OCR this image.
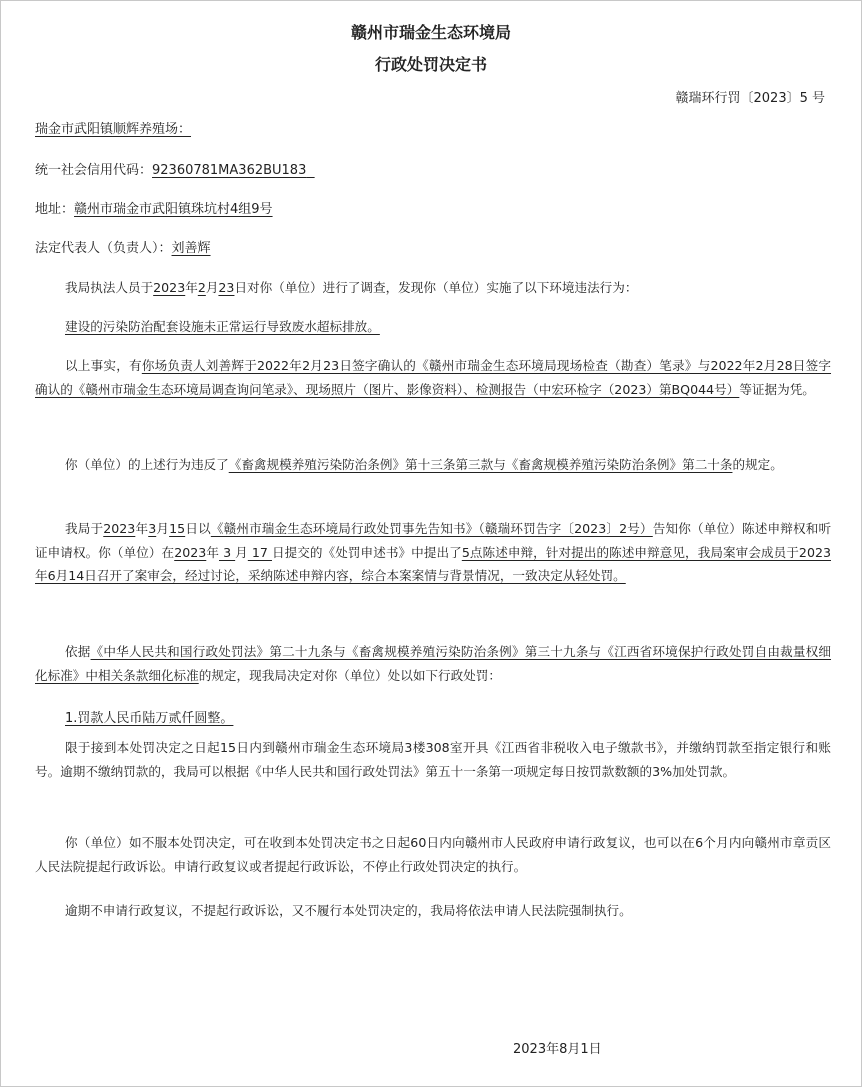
赣州市瑞金生态环境局
行政处罚决定书
赣瑞环行罚〔2023〕5 号
瑞金市武阳镇顺辉养殖场：
统一社会信用代码：92360781MA362BU183
地址：赣州市瑞金市武阳镇珠坑村4组9号
法定代表人（负责人）：刘善辉
我局执法人员于2023年2月23日对你（单位）进行了调查，发现你（单位）实施了以下环境违法行为：
建设的污染防治配套设施未正常运行导致废水超标排放。
以上事实，有你场负责人刘善辉于2022年2月23日签字确认的《赣州市瑞金生态环境局现场检查（勘查）笔录》与2022年2月28日签字确认的《赣州市瑞金生态环境局调查询问笔录》、现场照片（图片、影像资料）、检测报告（中宏环检字（2023）第BQ044号）等证据为凭。
你（单位）的上述行为违反了《畜禽规模养殖污染防治条例》第十三条第三款与《畜禽规模养殖污染防治条例》第二十条的规定。
我局于2023年3月15日以《赣州市瑞金生态环境局行政处罚事先告知书》（赣瑞环罚告字〔2023〕2号）告知你（单位）陈述申辩权和听证申请权。你（单位）在2023年 3 月 17 日提交的《处罚申述书》中提出了5点陈述申辩，针对提出的陈述申辩意见，我局案审会成员于2023年6月14日召开了案审会，经过讨论，采纳陈述申辩内容，综合本案案情与背景情况，一致决定从轻处罚。
依据《中华人民共和国行政处罚法》第二十九条与《畜禽规模养殖污染防治条例》第三十九条与《江西省环境保护行政处罚自由裁量权细化标准》中相关条款细化标准的规定，现我局决定对你（单位）处以如下行政处罚：
1.罚款人民币陆万贰仟圆整。
限于接到本处罚决定之日起15日内到赣州市瑞金生态环境局3楼308室开具《江西省非税收入电子缴款书》，并缴纳罚款至指定银行和账号。逾期不缴纳罚款的，我局可以根据《中华人民共和国行政处罚法》第五十一条第一项规定每日按罚款数额的3%加处罚款。
你（单位）如不服本处罚决定，可在收到本处罚决定书之日起60日内向赣州市人民政府申请行政复议，也可以在6个月内向赣州市章贡区人民法院提起行政诉讼。申请行政复议或者提起行政诉讼，不停止行政处罚决定的执行。
逾期不申请行政复议，不提起行政诉讼，又不履行本处罚决定的，我局将依法申请人民法院强制执行。
2023年8月1日
